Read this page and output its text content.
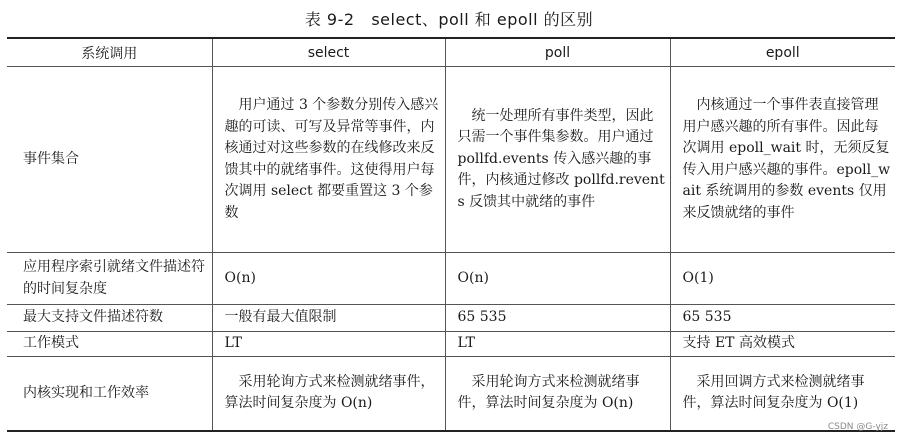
表 9-2   select、poll 和 epoll 的区别
系统调用	select	poll	epoll
事件集合	　用户通过 3 个参数分别传入感兴趣的可读、可写及异常等事件，内核通过对这些参数的在线修改来反馈其中的就绪事件。这使得用户每次调用 select 都要重置这 3 个参数	　统一处理所有事件类型，因此只需一个事件集参数。用户通过 pollfd.events 传入感兴趣的事件，内核通过修改 pollfd.revents 反馈其中就绪的事件	　内核通过一个事件表直接管理用户感兴趣的所有事件。因此每次调用 epoll_wait 时，无须反复传入用户感兴趣的事件。epoll_wait 系统调用的参数 events 仅用来反馈就绪的事件
应用程序索引就绪文件描述符的时间复杂度	O(n)	O(n)	O(1)
最大支持文件描述符数	一般有最大值限制	65 535	65 535
工作模式	LT	LT	支持 ET 高效模式
内核实现和工作效率	　采用轮询方式来检测就绪事件，算法时间复杂度为 O(n)	　采用轮询方式来检测就绪事件，算法时间复杂度为 O(n)	　采用回调方式来检测就绪事件，算法时间复杂度为 O(1)
CSDN @G-yjz
